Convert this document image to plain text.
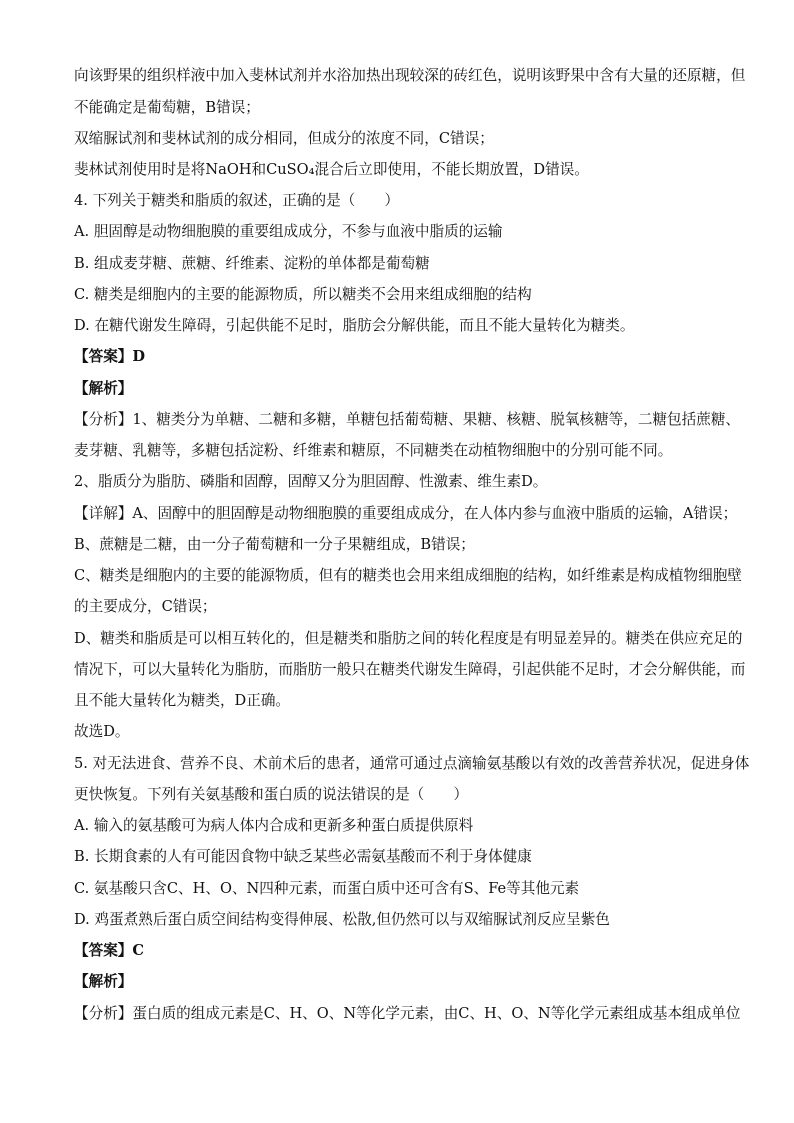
向该野果的组织样液中加入斐林试剂并水浴加热出现较深的砖红色，说明该野果中含有大量的还原糖，但
不能确定是葡萄糖，B错误；
双缩脲试剂和斐林试剂的成分相同，但成分的浓度不同，C错误；
斐林试剂使用时是将NaOH和CuSO₄混合后立即使用，不能长期放置，D错误。
4. 下列关于糖类和脂质的叙述，正确的是（　　）
A. 胆固醇是动物细胞膜的重要组成成分，不参与血液中脂质的运输
B. 组成麦芽糖、蔗糖、纤维素、淀粉的单体都是葡萄糖
C. 糖类是细胞内的主要的能源物质，所以糖类不会用来组成细胞的结构
D. 在糖代谢发生障碍，引起供能不足时，脂肪会分解供能，而且不能大量转化为糖类。
【答案】D
【解析】
【分析】1、糖类分为单糖、二糖和多糖，单糖包括葡萄糖、果糖、核糖、脱氧核糖等，二糖包括蔗糖、
麦芽糖、乳糖等，多糖包括淀粉、纤维素和糖原，不同糖类在动植物细胞中的分别可能不同。
2、脂质分为脂肪、磷脂和固醇，固醇又分为胆固醇、性激素、维生素D。
【详解】A、固醇中的胆固醇是动物细胞膜的重要组成成分，在人体内参与血液中脂质的运输，A错误；
B、蔗糖是二糖，由一分子葡萄糖和一分子果糖组成，B错误；
C、糖类是细胞内的主要的能源物质，但有的糖类也会用来组成细胞的结构，如纤维素是构成植物细胞壁
的主要成分，C错误；
D、糖类和脂质是可以相互转化的，但是糖类和脂肪之间的转化程度是有明显差异的。糖类在供应充足的
情况下，可以大量转化为脂肪，而脂肪一般只在糖类代谢发生障碍，引起供能不足时，才会分解供能，而
且不能大量转化为糖类，D正确。
故选D。
5. 对无法进食、营养不良、术前术后的患者，通常可通过点滴输氨基酸以有效的改善营养状况，促进身体
更快恢复。下列有关氨基酸和蛋白质的说法错误的是（　　）
A. 输入的氨基酸可为病人体内合成和更新多种蛋白质提供原料
B. 长期食素的人有可能因食物中缺乏某些必需氨基酸而不利于身体健康
C. 氨基酸只含C、H、O、N四种元素，而蛋白质中还可含有S、Fe等其他元素
D. 鸡蛋煮熟后蛋白质空间结构变得伸展、松散,但仍然可以与双缩脲试剂反应呈紫色
【答案】C
【解析】
【分析】蛋白质的组成元素是C、H、O、N等化学元素，由C、H、O、N等化学元素组成基本组成单位
